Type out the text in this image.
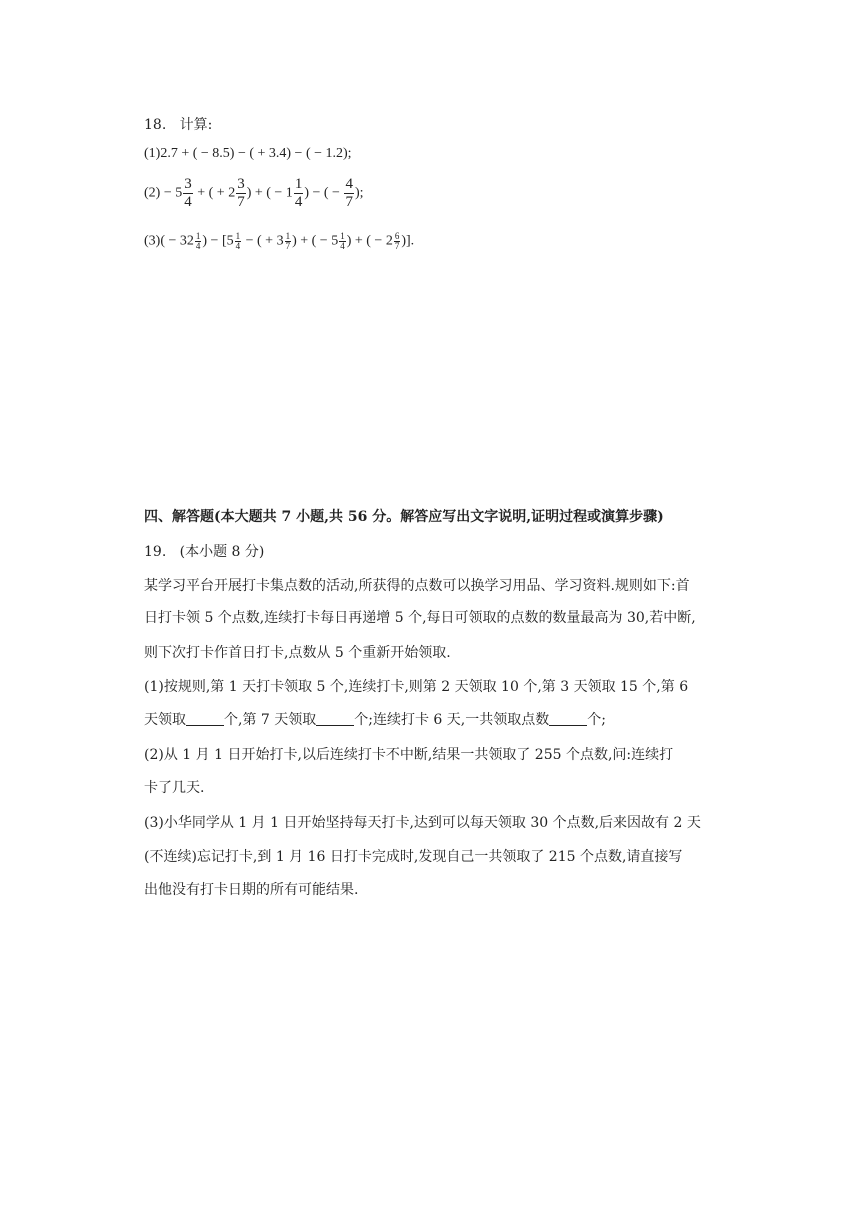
18. 计算:
(1)2.7 + ( − 8.5) − ( + 3.4) − ( − 1.2);
$(2) - 5 \frac{3}{4}$ + ( + $2 \frac{3}{7}$ ) + ( − $1 \frac{1}{4}$ ) − ( − $\frac{4}{7}$ );
$(3)( - 32 \frac{1}{4}$ ) − [$5 \frac{1}{4}$ − ( + $3 \frac{1}{7}$ ) + ( − $5 \frac{1}{4}$ ) + ( − $2 \frac{6}{7}$ )].
四、解答题(本大题共 7 小题,共 56 分。解答应写出文字说明,证明过程或演算步骤)
19. (本小题 8 分)
某学习平台开展打卡集点数的活动,所获得的点数可以换学习用品、学习资料.规则如下:首
日打卡领 5 个点数,连续打卡每日再递增 5 个,每日可领取的点数的数量最高为 30,若中断,
则下次打卡作首日打卡,点数从 5 个重新开始领取.
(1)按规则,第 1 天打卡领取 5 个,连续打卡,则第 2 天领取 10 个,第 3 天领取 15 个,第 6
天领取	个,第 7 天领取	个;连续打卡 6 天,一共领取点数	个;
(2)从 1 月 1 日开始打卡,以后连续打卡不中断,结果一共领取了 255 个点数,问:连续打
卡了几天.
(3)小华同学从 1 月 1 日开始坚持每天打卡,达到可以每天领取 30 个点数,后来因故有 2 天
(不连续)忘记打卡,到 1 月 16 日打卡完成时,发现自己一共领取了 215 个点数,请直接写
出他没有打卡日期的所有可能结果.
